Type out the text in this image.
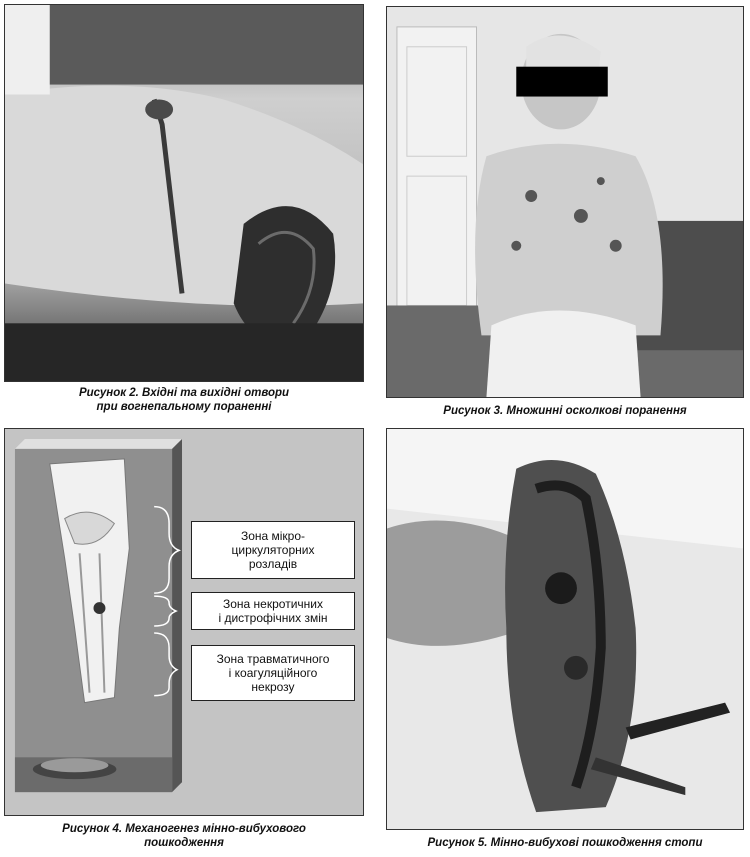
Рисунок 2. Вхідні та вихідні отвори
при вогнепальному пораненні	Рисунок 3. Множинні осколкові поранення
Зона мікро-
циркуляторних
розладів
Зона некротичних
і дистрофічних змін
Зона травматичного
і коагуляційного
некрозу
Рисунок 4. Механогенез мінно-вибухового
пошкодження	Рисунок 5. Мінно-вибухові пошкодження стопи
